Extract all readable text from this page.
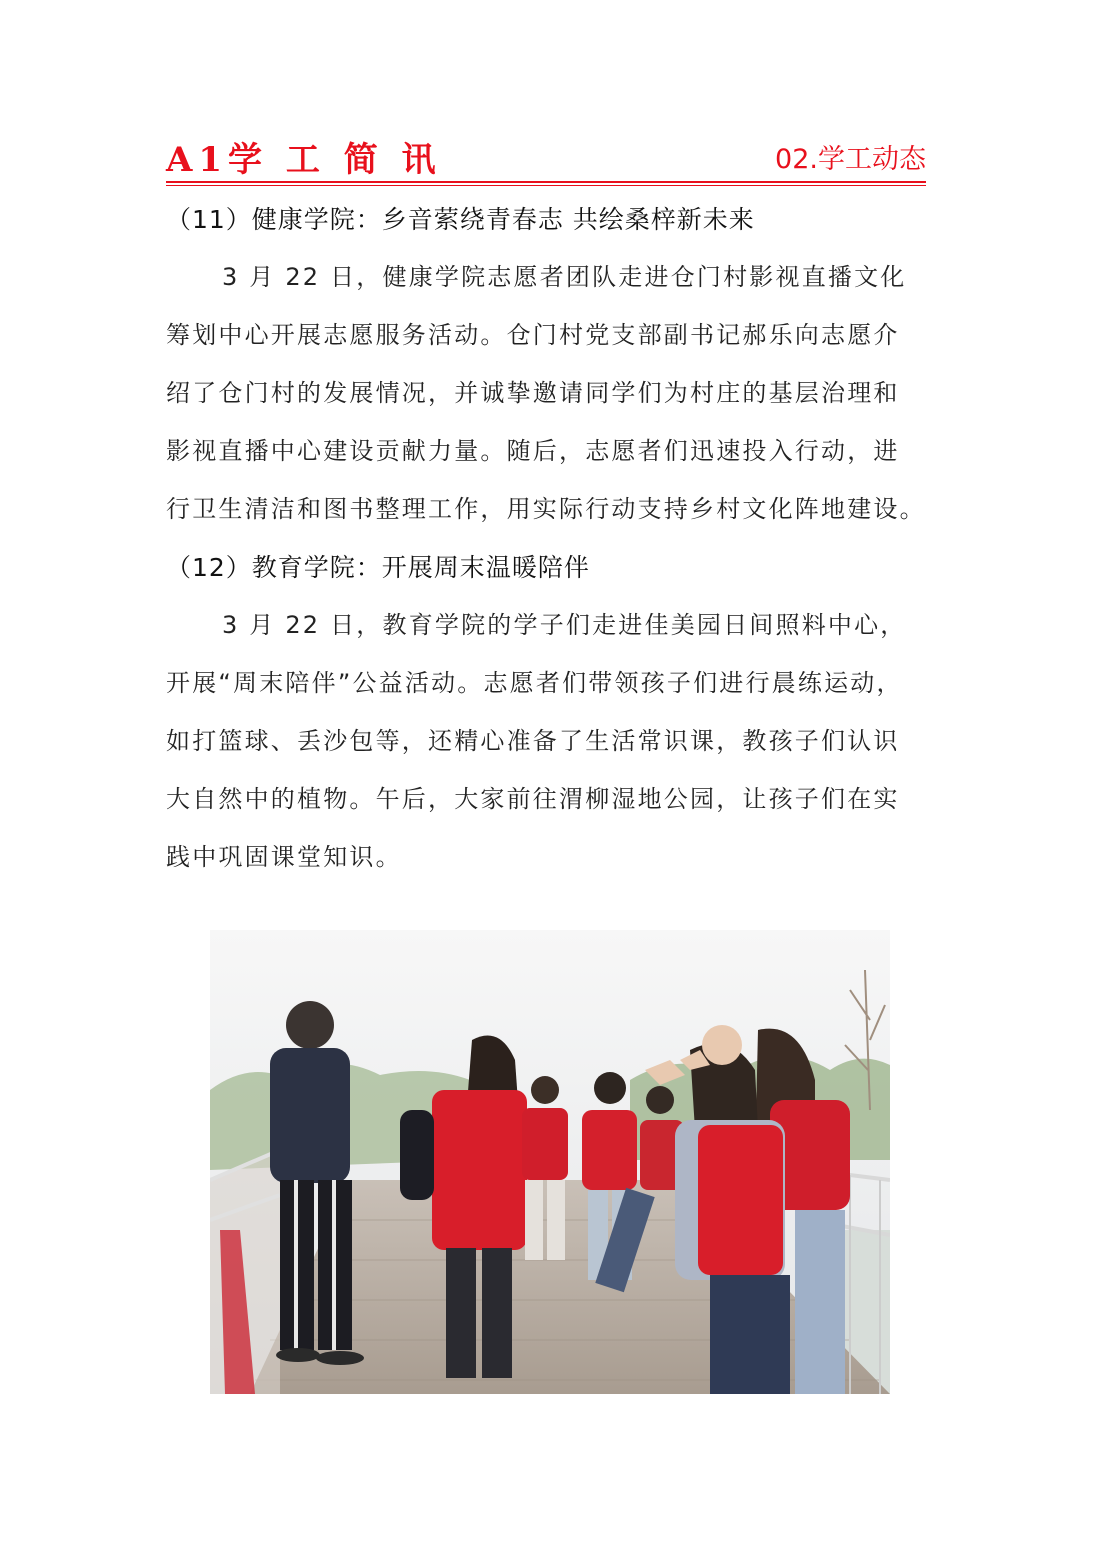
A1学 工 简 讯	02.学工动态
（11）健康学院：乡音萦绕青春志 共绘桑梓新未来
3 月 22 日，健康学院志愿者团队走进仓门村影视直播文化
筹划中心开展志愿服务活动。仓门村党支部副书记郝乐向志愿介
绍了仓门村的发展情况，并诚挚邀请同学们为村庄的基层治理和
影视直播中心建设贡献力量。随后，志愿者们迅速投入行动，进
行卫生清洁和图书整理工作，用实际行动支持乡村文化阵地建设。
（12）教育学院：开展周末温暖陪伴
3 月 22 日，教育学院的学子们走进佳美园日间照料中心，
开展“周末陪伴”公益活动。志愿者们带领孩子们进行晨练运动，
如打篮球、丢沙包等，还精心准备了生活常识课，教孩子们认识
大自然中的植物。午后，大家前往渭柳湿地公园，让孩子们在实
践中巩固课堂知识。
